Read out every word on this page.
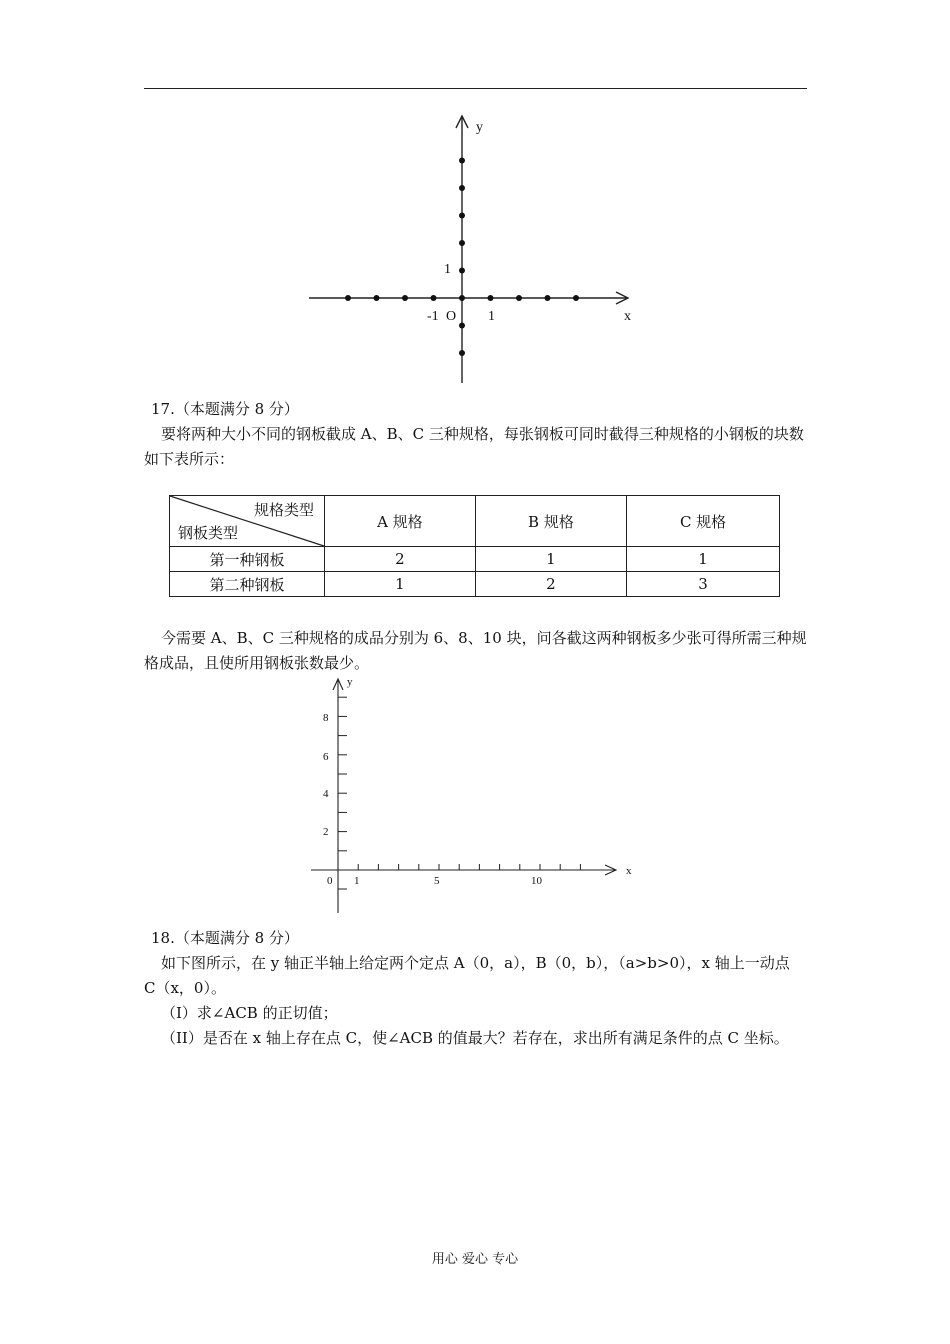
y
1
-1 O 1	x
17.（本题满分 8 分）
要将两种大小不同的钢板截成 A、B、C 三种规格，每张钢板可同时截得三种规格的小钢板的块数如下表所示：
规格类型
钢板类型	A 规格	B 规格	C 规格
第一种钢板	2	1	1
第二种钢板	1	2	3
今需要 A、B、C 三种规格的成品分别为 6、8、10 块，问各截这两种钢板多少张可得所需三种规格成品，且使所用钢板张数最少。
y
x
0 1	5	10
2
4
6
8
18.（本题满分 8 分）
如下图所示，在 y 轴正半轴上给定两个定点 A（0，a），B（0，b），（a>b>0），x 轴上一动点
C（x，0）。
（I）求∠ACB 的正切值；
（II）是否在 x 轴上存在点 C，使∠ACB 的值最大？若存在，求出所有满足条件的点 C 坐标。
用心 爱心 专心
